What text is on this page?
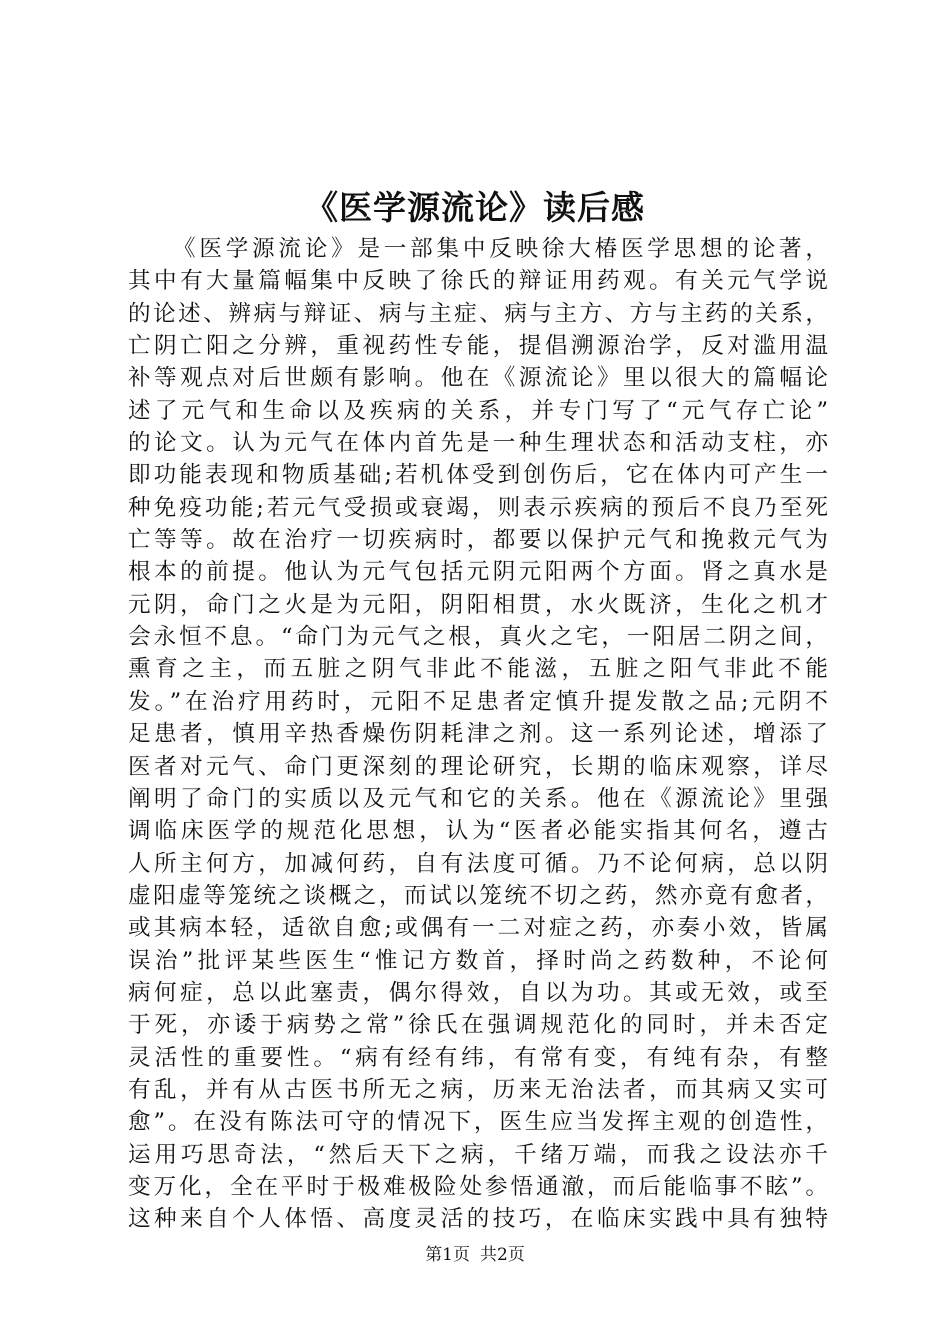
《医学源流论》读后感
《医学源流论》是一部集中反映徐大椿医学思想的论著，
其中有大量篇幅集中反映了徐氏的辩证用药观。有关元气学说
的论述、辨病与辩证、病与主症、病与主方、方与主药的关系，
亡阴亡阳之分辨，重视药性专能，提倡溯源治学，反对滥用温
补等观点对后世颇有影响。他在《源流论》里以很大的篇幅论
述了元气和生命以及疾病的关系，并专门写了“元气存亡论”
的论文。认为元气在体内首先是一种生理状态和活动支柱，亦
即功能表现和物质基础;若机体受到创伤后，它在体内可产生一
种免疫功能;若元气受损或衰竭，则表示疾病的预后不良乃至死
亡等等。故在治疗一切疾病时，都要以保护元气和挽救元气为
根本的前提。他认为元气包括元阴元阳两个方面。肾之真水是
元阴，命门之火是为元阳，阴阳相贯，水火既济，生化之机才
会永恒不息。“命门为元气之根，真火之宅，一阳居二阴之间，
熏育之主，而五脏之阴气非此不能滋，五脏之阳气非此不能
发。”在治疗用药时，元阳不足患者定慎升提发散之品;元阴不
足患者，慎用辛热香燥伤阴耗津之剂。这一系列论述，增添了
医者对元气、命门更深刻的理论研究，长期的临床观察，详尽
阐明了命门的实质以及元气和它的关系。他在《源流论》里强
调临床医学的规范化思想，认为“医者必能实指其何名，遵古
人所主何方，加减何药，自有法度可循。乃不论何病，总以阴
虚阳虚等笼统之谈概之，而试以笼统不切之药，然亦竟有愈者，
或其病本轻，适欲自愈;或偶有一二对症之药，亦奏小效，皆属
误治”批评某些医生“惟记方数首，择时尚之药数种，不论何
病何症，总以此塞责，偶尔得效，自以为功。其或无效，或至
于死，亦诿于病势之常”徐氏在强调规范化的同时，并未否定
灵活性的重要性。“病有经有纬，有常有变，有纯有杂，有整
有乱，并有从古医书所无之病，历来无治法者，而其病又实可
愈”。在没有陈法可守的情况下，医生应当发挥主观的创造性，
运用巧思奇法，“然后天下之病，千绪万端，而我之设法亦千
变万化，全在平时于极难极险处参悟通澈，而后能临事不眩”。
这种来自个人体悟、高度灵活的技巧，在临床实践中具有独特
第1页 共2页
